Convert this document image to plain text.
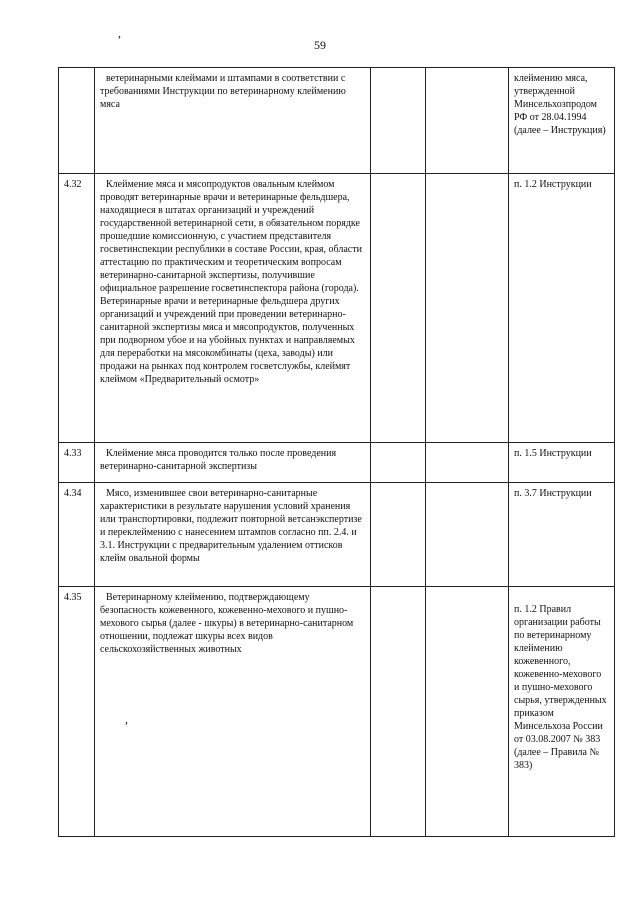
59
,
,
	ветеринарными клеймами и штампами в соответствии с требованиями Инструкции по ветеринарному клеймению мяса			клеймению мяса, утвержденной Минсельхозпродом РФ от 28.04.1994 (далее – Инструкция)
4.32	Клеймение мяса и мясопродуктов овальным клеймом проводят ветеринарные врачи и ветеринарные фельдшера, находящиеся в штатах организаций и учреждений государственной ветеринарной сети, в обязательном порядке прошедшие комиссионную, с участием представителя госветинспекции республики в составе России, края, области аттестацию по практическим и теоретическим вопросам ветеринарно-санитарной экспертизы, получившие официальное разрешение госветинспектора района (города). Ветеринарные врачи и ветеринарные фельдшера других организаций и учреждений при проведении ветеринарно-санитарной экспертизы мяса и мясопродуктов, полученных при подворном убое и на убойных пунктах и направляемых для переработки на мясокомбинаты (цеха, заводы) или продажи на рынках под контролем госветслужбы, клеймят клеймом «Предварительный осмотр»			п. 1.2 Инструкции
4.33	Клеймение мяса проводится только после проведения ветеринарно-санитарной экспертизы			п. 1.5 Инструкции
4.34	Мясо, изменившее свои ветеринарно-санитарные характеристики в результате нарушения условий хранения или транспортировки, подлежит повторной ветсанэкспертизе и переклеймению с нанесением штампов согласно пп. 2.4. и 3.1. Инструкции с предварительным удалением оттисков клейм овальной формы			п. 3.7 Инструкции
4.35	Ветеринарному клеймению, подтверждающему безопасность кожевенного, кожевенно-мехового и пушно-мехового сырья (далее - шкуры) в ветеринарно-санитарном отношении, подлежат шкуры всех видов сельскохозяйственных животных			п. 1.2 Правил организации работы по ветеринарному клеймению кожевенного, кожевенно-мехового и пушно-мехового сырья, утвержденных приказом Минсельхоза России от 03.08.2007 № 383 (далее – Правила № 383)
